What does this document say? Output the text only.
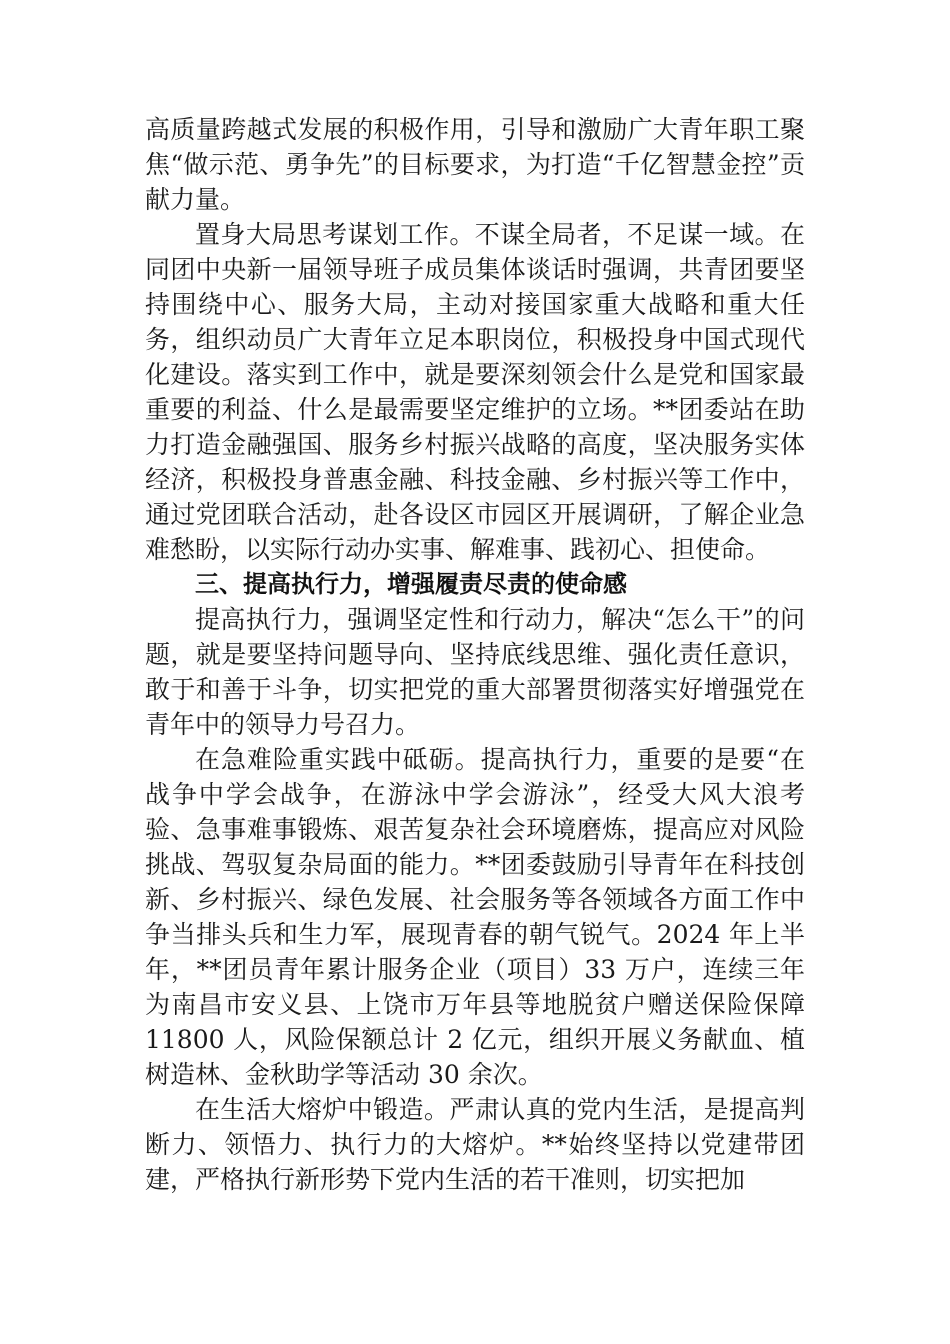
高质量跨越式发展的积极作用，引导和激励广大青年职工聚焦“做示范、勇争先”的目标要求，为打造“千亿智慧金控”贡献力量。

置身大局思考谋划工作。不谋全局者，不足谋一域。在同团中央新一届领导班子成员集体谈话时强调，共青团要坚持围绕中心、服务大局，主动对接国家重大战略和重大任务，组织动员广大青年立足本职岗位，积极投身中国式现代化建设。落实到工作中，就是要深刻领会什么是党和国家最重要的利益、什么是最需要坚定维护的立场。**团委站在助力打造金融强国、服务乡村振兴战略的高度，坚决服务实体经济，积极投身普惠金融、科技金融、乡村振兴等工作中，通过党团联合活动，赴各设区市园区开展调研，了解企业急难愁盼，以实际行动办实事、解难事、践初心、担使命。

三、提高执行力，增强履责尽责的使命感

提高执行力，强调坚定性和行动力，解决“怎么干”的问题，就是要坚持问题导向、坚持底线思维、强化责任意识，敢于和善于斗争，切实把党的重大部署贯彻落实好增强党在青年中的领导力号召力。

在急难险重实践中砥砺。提高执行力，重要的是要“在战争中学会战争，在游泳中学会游泳”，经受大风大浪考验、急事难事锻炼、艰苦复杂社会环境磨炼，提高应对风险挑战、驾驭复杂局面的能力。**团委鼓励引导青年在科技创新、乡村振兴、绿色发展、社会服务等各领域各方面工作中争当排头兵和生力军，展现青春的朝气锐气。2024 年上半年，**团员青年累计服务企业（项目）33 万户，连续三年为南昌市安义县、上饶市万年县等地脱贫户赠送保险保障 11800 人，风险保额总计 2 亿元，组织开展义务献血、植树造林、金秋助学等活动 30 余次。

在生活大熔炉中锻造。严肃认真的党内生活，是提高判断力、领悟力、执行力的大熔炉。**始终坚持以党建带团建，严格执行新形势下党内生活的若干准则，切实把加
